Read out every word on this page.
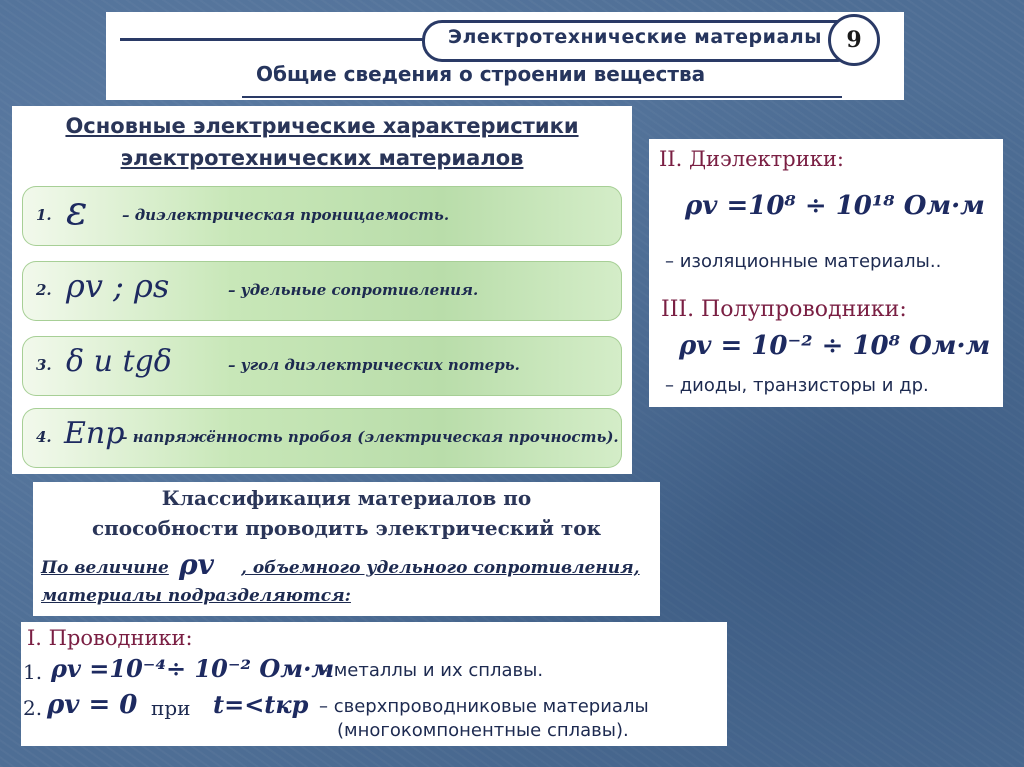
Электротехнические материалы
Общие сведения о строении вещества
9
Основные электрические характеристики
электротехнических материалов
1. ε – диэлектрическая проницаемость.
2. ρv ; ρs	– удельные сопротивления.
3. δ и tgδ	– угол диэлектрических потерь.
4. Eпр
– напряжённость пробоя (электрическая прочность).
II. Диэлектрики:
ρv =10⁸ ÷ 10¹⁸ Ом·м
– изоляционные материалы..
III. Полупроводники:
ρv = 10⁻² ÷ 10⁸ Ом·м
– диоды, транзисторы и др.
Классификация материалов по
способности проводить электрический ток
По величине ρv , объемного удельного сопротивления,
материалы подразделяются:
I. Проводники:
1. ρv =10⁻⁴÷ 10⁻² Ом·м
– металлы и их сплавы.
2. ρv = 0 при t=<tкр – сверхпроводниковые материалы
(многокомпонентные сплавы).
